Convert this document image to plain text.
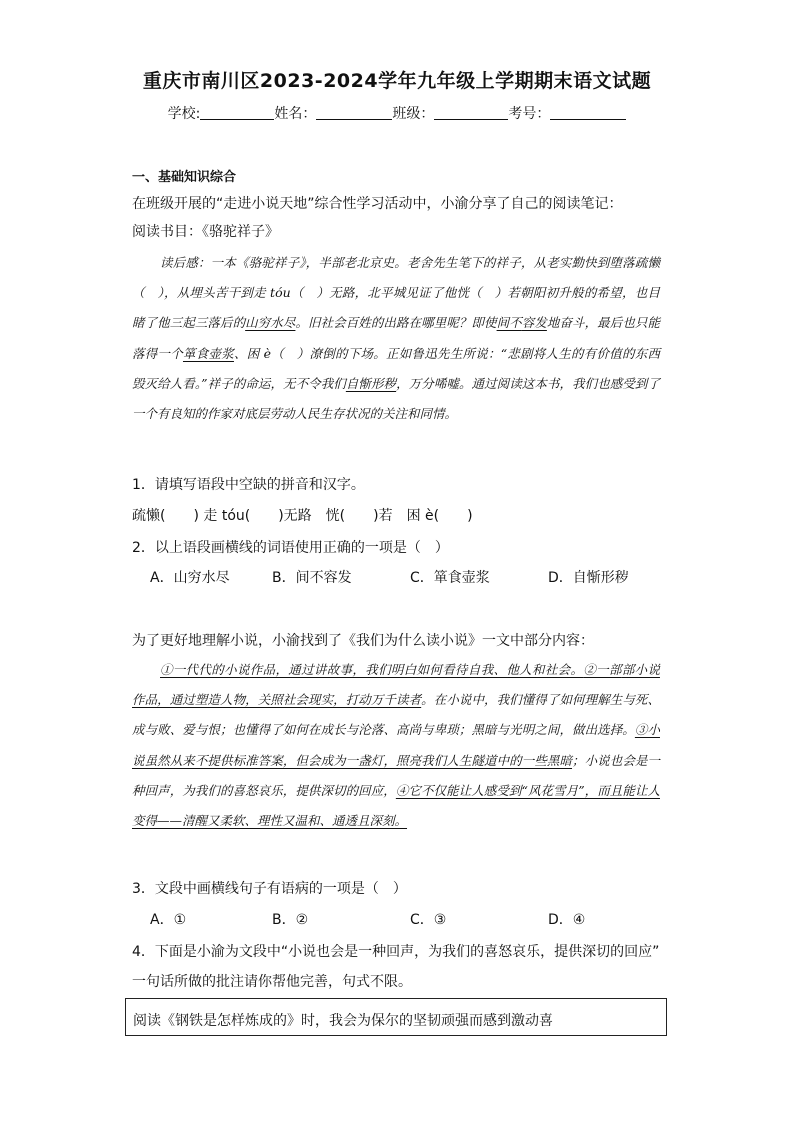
重庆市南川区2023-2024学年九年级上学期期末语文试题
学校:	姓名：	班级：	考号：
一、基础知识综合
在班级开展的“走进小说天地”综合性学习活动中，小渝分享了自己的阅读笔记：
阅读书目：《骆驼祥子》

读后感：一本《骆驼祥子》，半部老北京史。老舍先生笔下的祥子，从老实勤快到堕落疏懒（　），从埋头苦干到走 tóu（　）无路，北平城见证了他恍（　）若朝阳初升般的希望，也目睹了他三起三落后的山穷水尽。旧社会百姓的出路在哪里呢？即使间不容发地奋斗，最后也只能落得一个箪食壶浆、困 è（　）潦倒的下场。正如鲁迅先生所说：“悲剧将人生的有价值的东西毁灭给人看。”祥子的命运，无不令我们自惭形秽，万分唏嘘。通过阅读这本书，我们也感受到了一个有良知的作家对底层劳动人民生存状况的关注和同情。

1．请填写语段中空缺的拼音和汉字。
疏懒(　　) 走 tóu(　　)无路　恍(　　)若　困 è(　　)
2．以上语段画横线的词语使用正确的一项是（　）
A．山穷水尽	B．间不容发	C．箪食壶浆	D．自惭形秽
为了更好地理解小说，小渝找到了《我们为什么读小说》一文中部分内容：

①一代代的小说作品，通过讲故事，我们明白如何看待自我、他人和社会。②一部部小说作品，通过塑造人物，关照社会现实，打动万千读者。在小说中，我们懂得了如何理解生与死、成与败、爱与恨；也懂得了如何在成长与沦落、高尚与卑琐；黑暗与光明之间，做出选择。③小说虽然从来不提供标准答案，但会成为一盏灯，照亮我们人生隧道中的一些黑暗；小说也会是一种回声，为我们的喜怒哀乐，提供深切的回应，④它不仅能让人感受到“风花雪月”，而且能让人变得——清醒又柔软、理性又温和、通透且深刻。

3．文段中画横线句子有语病的一项是（　）
A．①	B．②	C．③	D．④
4．下面是小渝为文段中“小说也会是一种回声，为我们的喜怒哀乐，提供深切的回应”
一句话所做的批注请你帮他完善，句式不限。
阅读《钢铁是怎样炼成的》时，我会为保尔的坚韧顽强而感到激动喜
